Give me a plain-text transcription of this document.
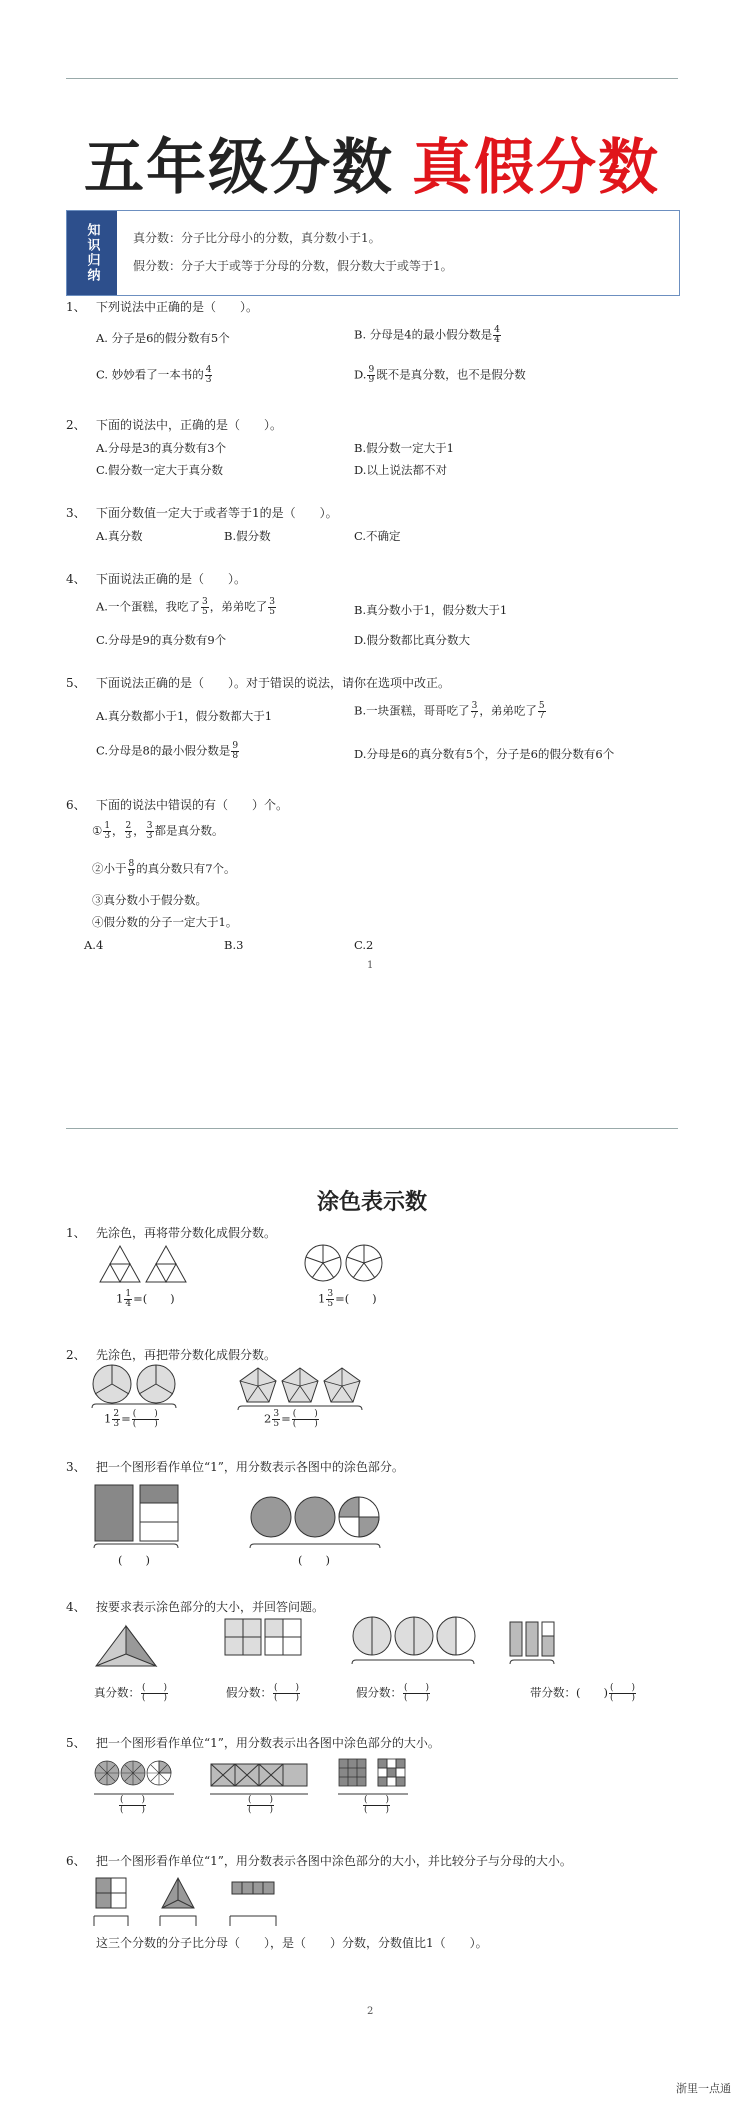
五年级分数 真假分数
知识归纳	真分数：分子比分母小的分数，真分数小于1。
假分数：分子大于或等于分母的分数，假分数大于或等于1。
1、 下列说法中正确的是（　　）。
A. 分子是6的假分数有5个	B. 分母是4的最小假分数是 $\frac{4}{4}$
C. 妙妙看了一本书的 $\frac{4}{3}$	D. $\frac{9}{9}$ 既不是真分数，也不是假分数
2、 下面的说法中，正确的是（　　）。
A.分母是3的真分数有3个	B.假分数一定大于1
C.假分数一定大于真分数	D.以上说法都不对
3、 下面分数值一定大于或者等于1的是（　　）。
A.真分数	B.假分数	C.不确定
4、 下面说法正确的是（　　）。
A.一个蛋糕，我吃了 $\frac{3}{5}$ ，弟弟吃了 $\frac{3}{5}$	B.真分数小于1，假分数大于1
C.分母是9的真分数有9个	D.假分数都比真分数大
5、 下面说法正确的是（　　）。对于错误的说法，请你在选项中改正。
A.真分数都小于1，假分数都大于1	B.一块蛋糕，哥哥吃了 $\frac{3}{7}$ ，弟弟吃了 $\frac{5}{7}$
C.分母是8的最小假分数是 $\frac{9}{8}$	D.分母是6的真分数有5个，分子是6的假分数有6个
6、 下面的说法中错误的有（　　）个。
① $\frac{1}{3}$ ， $\frac{2}{3}$ ， $\frac{3}{3}$ 都是真分数。
②小于 $\frac{8}{9}$ 的真分数只有7个。
③真分数小于假分数。
④假分数的分子一定大于1。
A.4	B.3	C.2
1
涂色表示数
1、 先涂色，再将带分数化成假分数。
$1 \frac{1}{4}$ =(　　)	$1 \frac{3}{5}$ =(　　)
2、 先涂色，再把带分数化成假分数。
$1 \frac{2}{3} = \frac{( )}{( )}$	$2 \frac{3}{5} = \frac{( )}{( )}$
3、 把一个图形看作单位“1”，用分数表示各图中的涂色部分。
(　　)	(　　)
4、 按要求表示涂色部分的大小，并回答问题。
真分数： $\frac{( )}{( )}$	假分数： $\frac{( )}{( )}$	假分数： $\frac{( )}{( )}$	带分数：(　　) $\frac{( )}{( )}$
5、 把一个图形看作单位“1”，用分数表示出各图中涂色部分的大小。
$\frac{( )}{( )}$	$\frac{( )}{( )}$	$\frac{( )}{( )}$
6、 把一个图形看作单位“1”，用分数表示各图中涂色部分的大小，并比较分子与分母的大小。
这三个分数的分子比分母（　　），是（　　）分数，分数值比1（　　）。
2
浙里一点通
